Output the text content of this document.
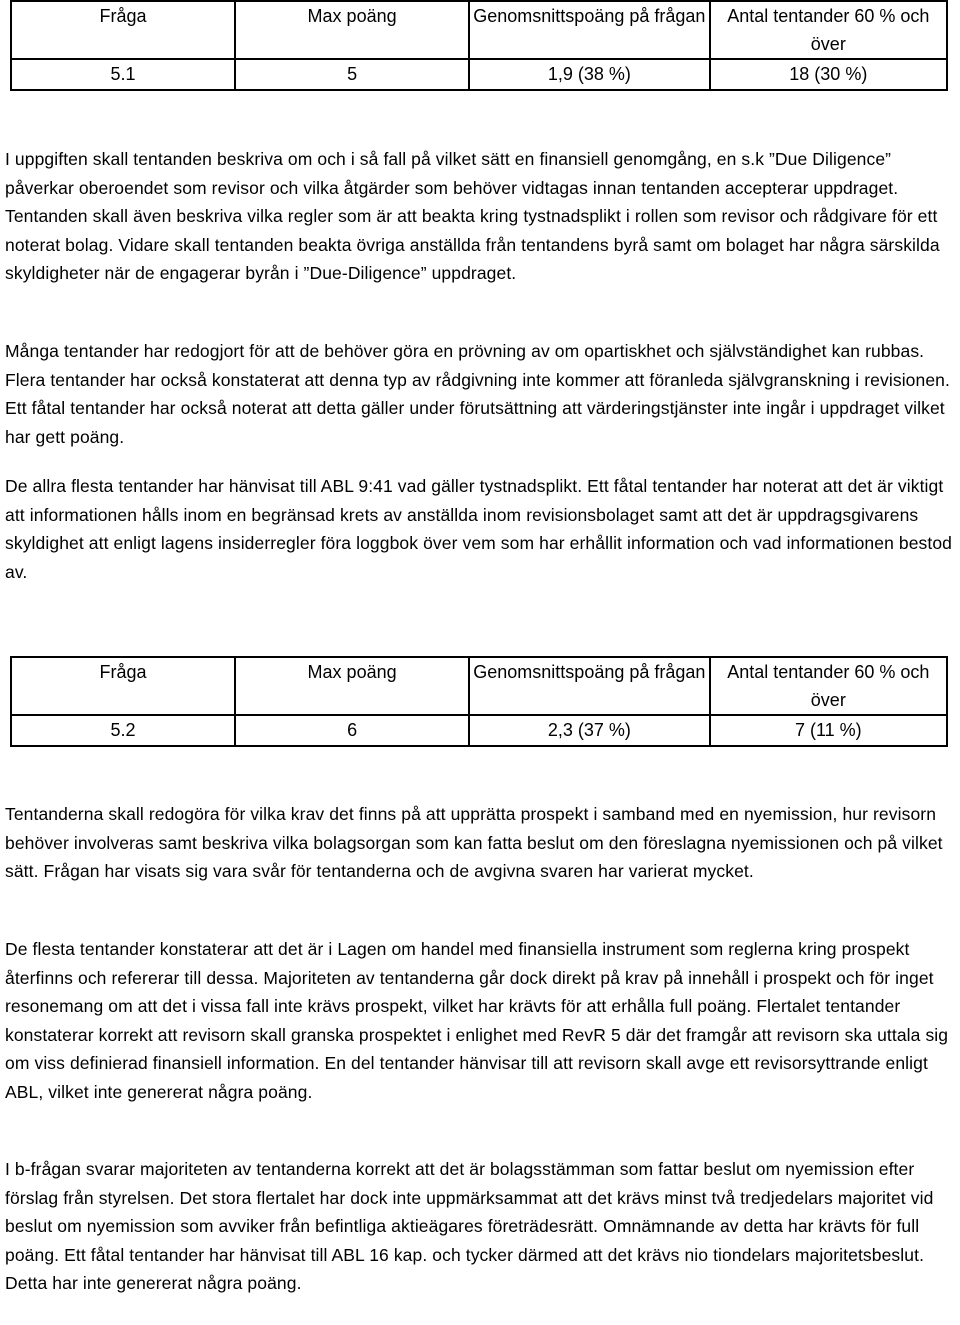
Fråga	Max poäng	Genomsnittspoäng på frågan	Antal tentander 60 % och över
5.1	5	1,9 (38 %)	18 (30 %)

I uppgiften skall tentanden beskriva om och i så fall på vilket sätt en finansiell genomgång, en s.k ”Due Diligence” påverkar oberoendet som revisor och vilka åtgärder som behöver vidtagas innan tentanden accepterar uppdraget. Tentanden skall även beskriva vilka regler som är att beakta kring tystnadsplikt i rollen som revisor och rådgivare för ett noterat bolag. Vidare skall tentanden beakta övriga anställda från tentandens byrå samt om bolaget har några särskilda skyldigheter när de engagerar byrån i ”Due-Diligence” uppdraget.

Många tentander har redogjort för att de behöver göra en prövning av om opartiskhet och självständighet kan rubbas. Flera tentander har också konstaterat att denna typ av rådgivning inte kommer att föranleda självgranskning i revisionen. Ett fåtal tentander har också noterat att detta gäller under förutsättning att värderingstjänster inte ingår i uppdraget vilket har gett poäng.

De allra flesta tentander har hänvisat till ABL 9:41 vad gäller tystnadsplikt. Ett fåtal tentander har noterat att det är viktigt att informationen hålls inom en begränsad krets av anställda inom revisionsbolaget samt att det är uppdragsgivarens skyldighet att enligt lagens insiderregler föra loggbok över vem som har erhållit information och vad informationen bestod av.

Fråga	Max poäng	Genomsnittspoäng på frågan	Antal tentander 60 % och över
5.2	6	2,3 (37 %)	7 (11 %)

Tentanderna skall redogöra för vilka krav det finns på att upprätta prospekt i samband med en nyemission, hur revisorn behöver involveras samt beskriva vilka bolagsorgan som kan fatta beslut om den föreslagna nyemissionen och på vilket sätt. Frågan har visats sig vara svår för tentanderna och de avgivna svaren har varierat mycket.

De flesta tentander konstaterar att det är i Lagen om handel med finansiella instrument som reglerna kring prospekt återfinns och refererar till dessa. Majoriteten av tentanderna går dock direkt på krav på innehåll i prospekt och för inget resonemang om att det i vissa fall inte krävs prospekt, vilket har krävts för att erhålla full poäng. Flertalet tentander konstaterar korrekt att revisorn skall granska prospektet i enlighet med RevR 5 där det framgår att revisorn ska uttala sig om viss definierad finansiell information. En del tentander hänvisar till att revisorn skall avge ett revisorsyttrande enligt ABL, vilket inte genererat några poäng.

I b-frågan svarar majoriteten av tentanderna korrekt att det är bolagsstämman som fattar beslut om nyemission efter förslag från styrelsen. Det stora flertalet har dock inte uppmärksammat att det krävs minst två tredjedelars majoritet vid beslut om nyemission som avviker från befintliga aktieägares företrädesrätt. Omnämnande av detta har krävts för full poäng. Ett fåtal tentander har hänvisat till ABL 16 kap. och tycker därmed att det krävs nio tiondelars majoritetsbeslut. Detta har inte genererat några poäng.
